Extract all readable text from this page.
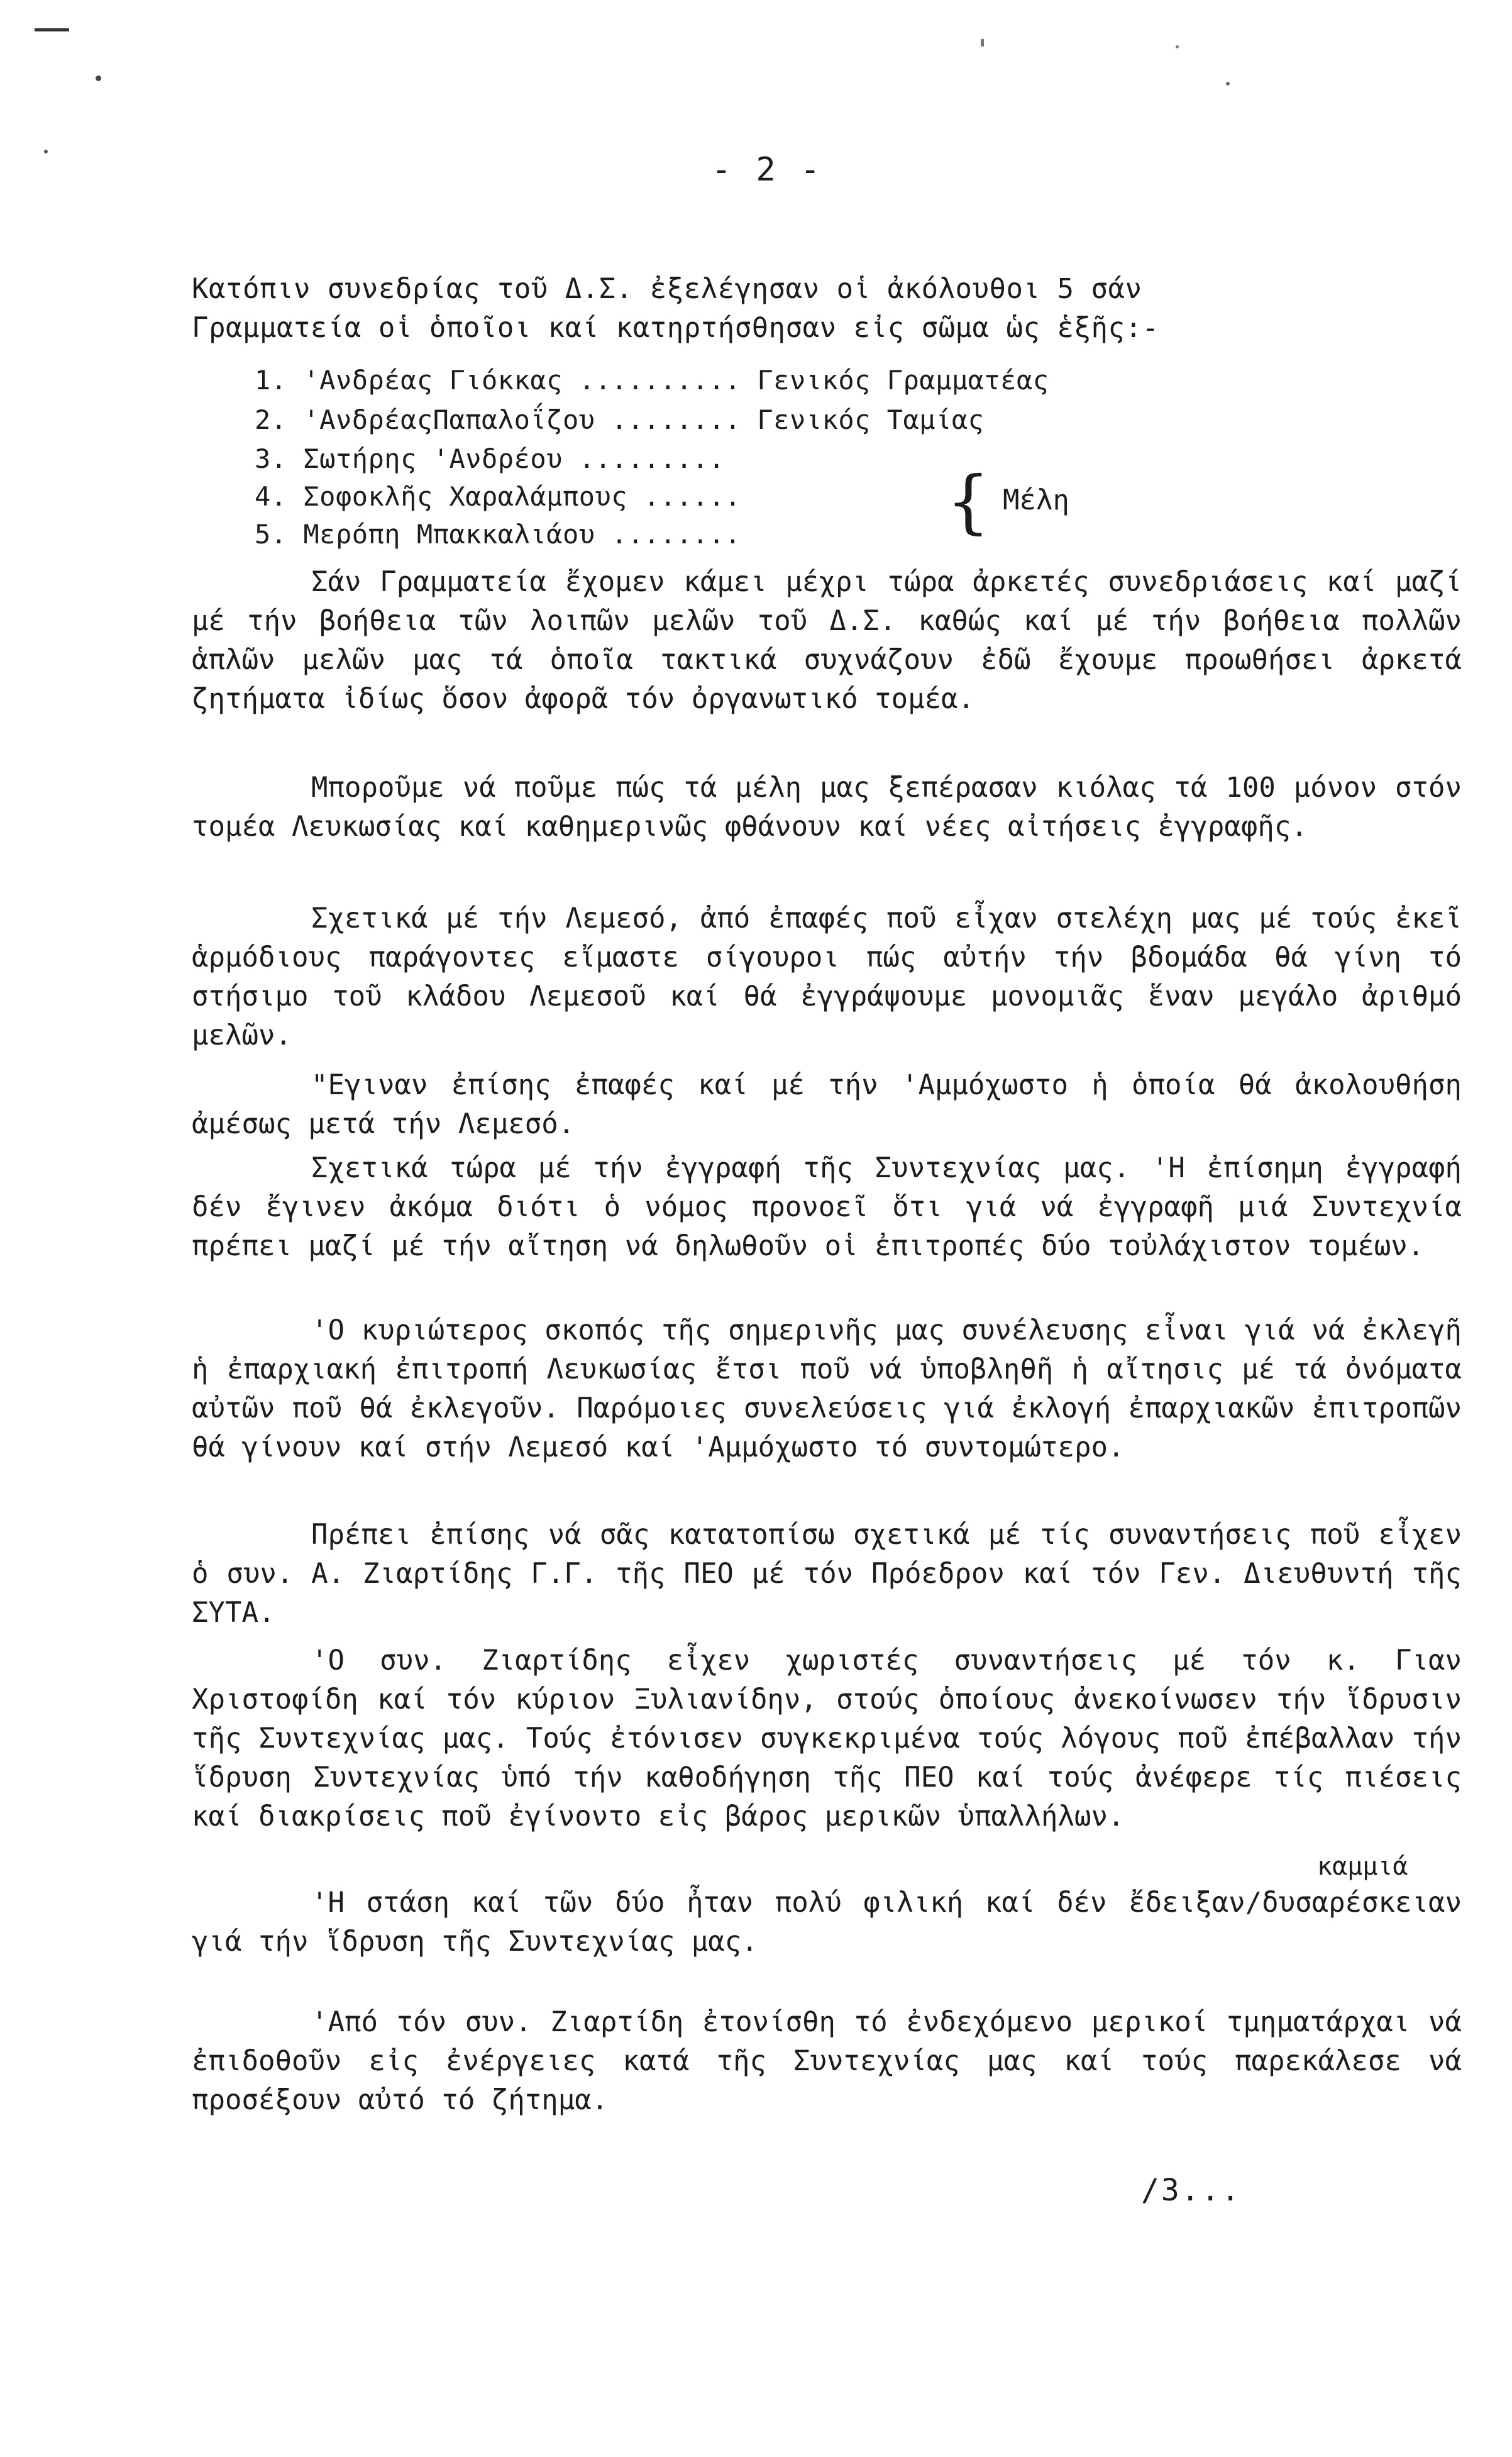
- 2 -
Κατόπιν συνεδρίας τοῦ Δ.Σ. ἐξελέγησαν οἱ ἀκόλουθοι 5 σάν
Γραμματεία οἱ ὁποῖοι καί κατηρτήσθησαν εἰς σῶμα ὡς ἑξῆς:-
1. 'Ανδρέας Γιόκκας .......... Γενικός Γραμματέας
2. 'ΑνδρέαςΠαπαλοΐζου ........ Γενικός Ταμίας
3. Σωτήρης 'Ανδρέου .........
4. Σοφοκλῆς Χαραλάμπους ......
5. Μερόπη Μπακκαλιάου ........	{ Μέλη
Σάν Γραμματεία ἔχομεν κάμει μέχρι τώρα ἀρκετές συνεδριάσεις καί μαζί μέ τήν βοήθεια τῶν λοιπῶν μελῶν τοῦ Δ.Σ. καθώς καί μέ τήν βοήθεια πολλῶν ἁπλῶν μελῶν μας τά ὁποῖα τακτικά συχνάζουν ἐδῶ ἔχουμε προωθήσει ἀρκετά ζητήματα ἰδίως ὅσον ἀφορᾶ τόν ὀργανωτικό τομέα.
Μποροῦμε νά ποῦμε πώς τά μέλη μας ξεπέρασαν κιόλας τά 100 μόνον στόν τομέα Λευκωσίας καί καθημερινῶς φθάνουν καί νέες αἰτήσεις ἐγγραφῆς.
Σχετικά μέ τήν Λεμεσό, ἀπό ἐπαφές ποῦ εἶχαν στελέχη μας μέ τούς ἐκεῖ ἁρμόδιους παράγοντες εἴμαστε σίγουροι πώς αὐτήν τήν βδομάδα θά γίνη τό στήσιμο τοῦ κλάδου Λεμεσοῦ καί θά ἐγγράψουμε μονομιᾶς ἕναν μεγάλο ἀριθμό μελῶν.
"Εγιναν ἐπίσης ἐπαφές καί μέ τήν 'Αμμόχωστο ἡ ὁποία θά ἀκολουθήση ἀμέσως μετά τήν Λεμεσό.
Σχετικά τώρα μέ τήν ἐγγραφή τῆς Συντεχνίας μας. 'Η ἐπίσημη ἐγγραφή δέν ἔγινεν ἀκόμα διότι ὁ νόμος προνοεῖ ὅτι γιά νά ἐγγραφῆ μιά Συντεχνία πρέπει μαζί μέ τήν αἴτηση νά δηλωθοῦν οἱ ἐπιτροπές δύο τοὐλάχιστον τομέων.
'Ο κυριώτερος σκοπός τῆς σημερινῆς μας συνέλευσης εἶναι γιά νά ἐκλεγῆ ἡ ἐπαρχιακή ἐπιτροπή Λευκωσίας ἔτσι ποῦ νά ὑποβληθῆ ἡ αἴτησις μέ τά ὀνόματα αὐτῶν ποῦ θά ἐκλεγοῦν. Παρόμοιες συνελεύσεις γιά ἐκλογή ἐπαρχιακῶν ἐπιτροπῶν θά γίνουν καί στήν Λεμεσό καί 'Αμμόχωστο τό συντομώτερο.
Πρέπει ἐπίσης νά σᾶς κατατοπίσω σχετικά μέ τίς συναντήσεις ποῦ εἶχεν ὁ συν. Α. Ζιαρτίδης Γ.Γ. τῆς ΠΕΟ μέ τόν Πρόεδρον καί τόν Γεν. Διευθυντή τῆς ΣΥΤΑ.
'Ο συν. Ζιαρτίδης εἶχεν χωριστές συναντήσεις μέ τόν κ. Γιαν Χριστοφίδη καί τόν κύριον Ξυλιανίδην, στούς ὁποίους ἀνεκοίνωσεν τήν ἵδρυσιν τῆς Συντεχνίας μας. Τούς ἐτόνισεν συγκεκριμένα τούς λόγους ποῦ ἐπέβαλλαν τήν ἵδρυση Συντεχνίας ὑπό τήν καθοδήγηση τῆς ΠΕΟ καί τούς ἀνέφερε τίς πιέσεις καί διακρίσεις ποῦ ἐγίνοντο εἰς βάρος μερικῶν ὑπαλλήλων.
καμμιά
'Η στάση καί τῶν δύο ἦταν πολύ φιλική καί δέν ἔδειξαν/δυσαρέσκειαν γιά τήν ἵδρυση τῆς Συντεχνίας μας.
'Από τόν συν. Ζιαρτίδη ἐτονίσθη τό ἐνδεχόμενο μερικοί τμηματάρχαι νά ἐπιδοθοῦν εἰς ἐνέργειες κατά τῆς Συντεχνίας μας καί τούς παρεκάλεσε νά προσέξουν αὐτό τό ζήτημα.
/3...
